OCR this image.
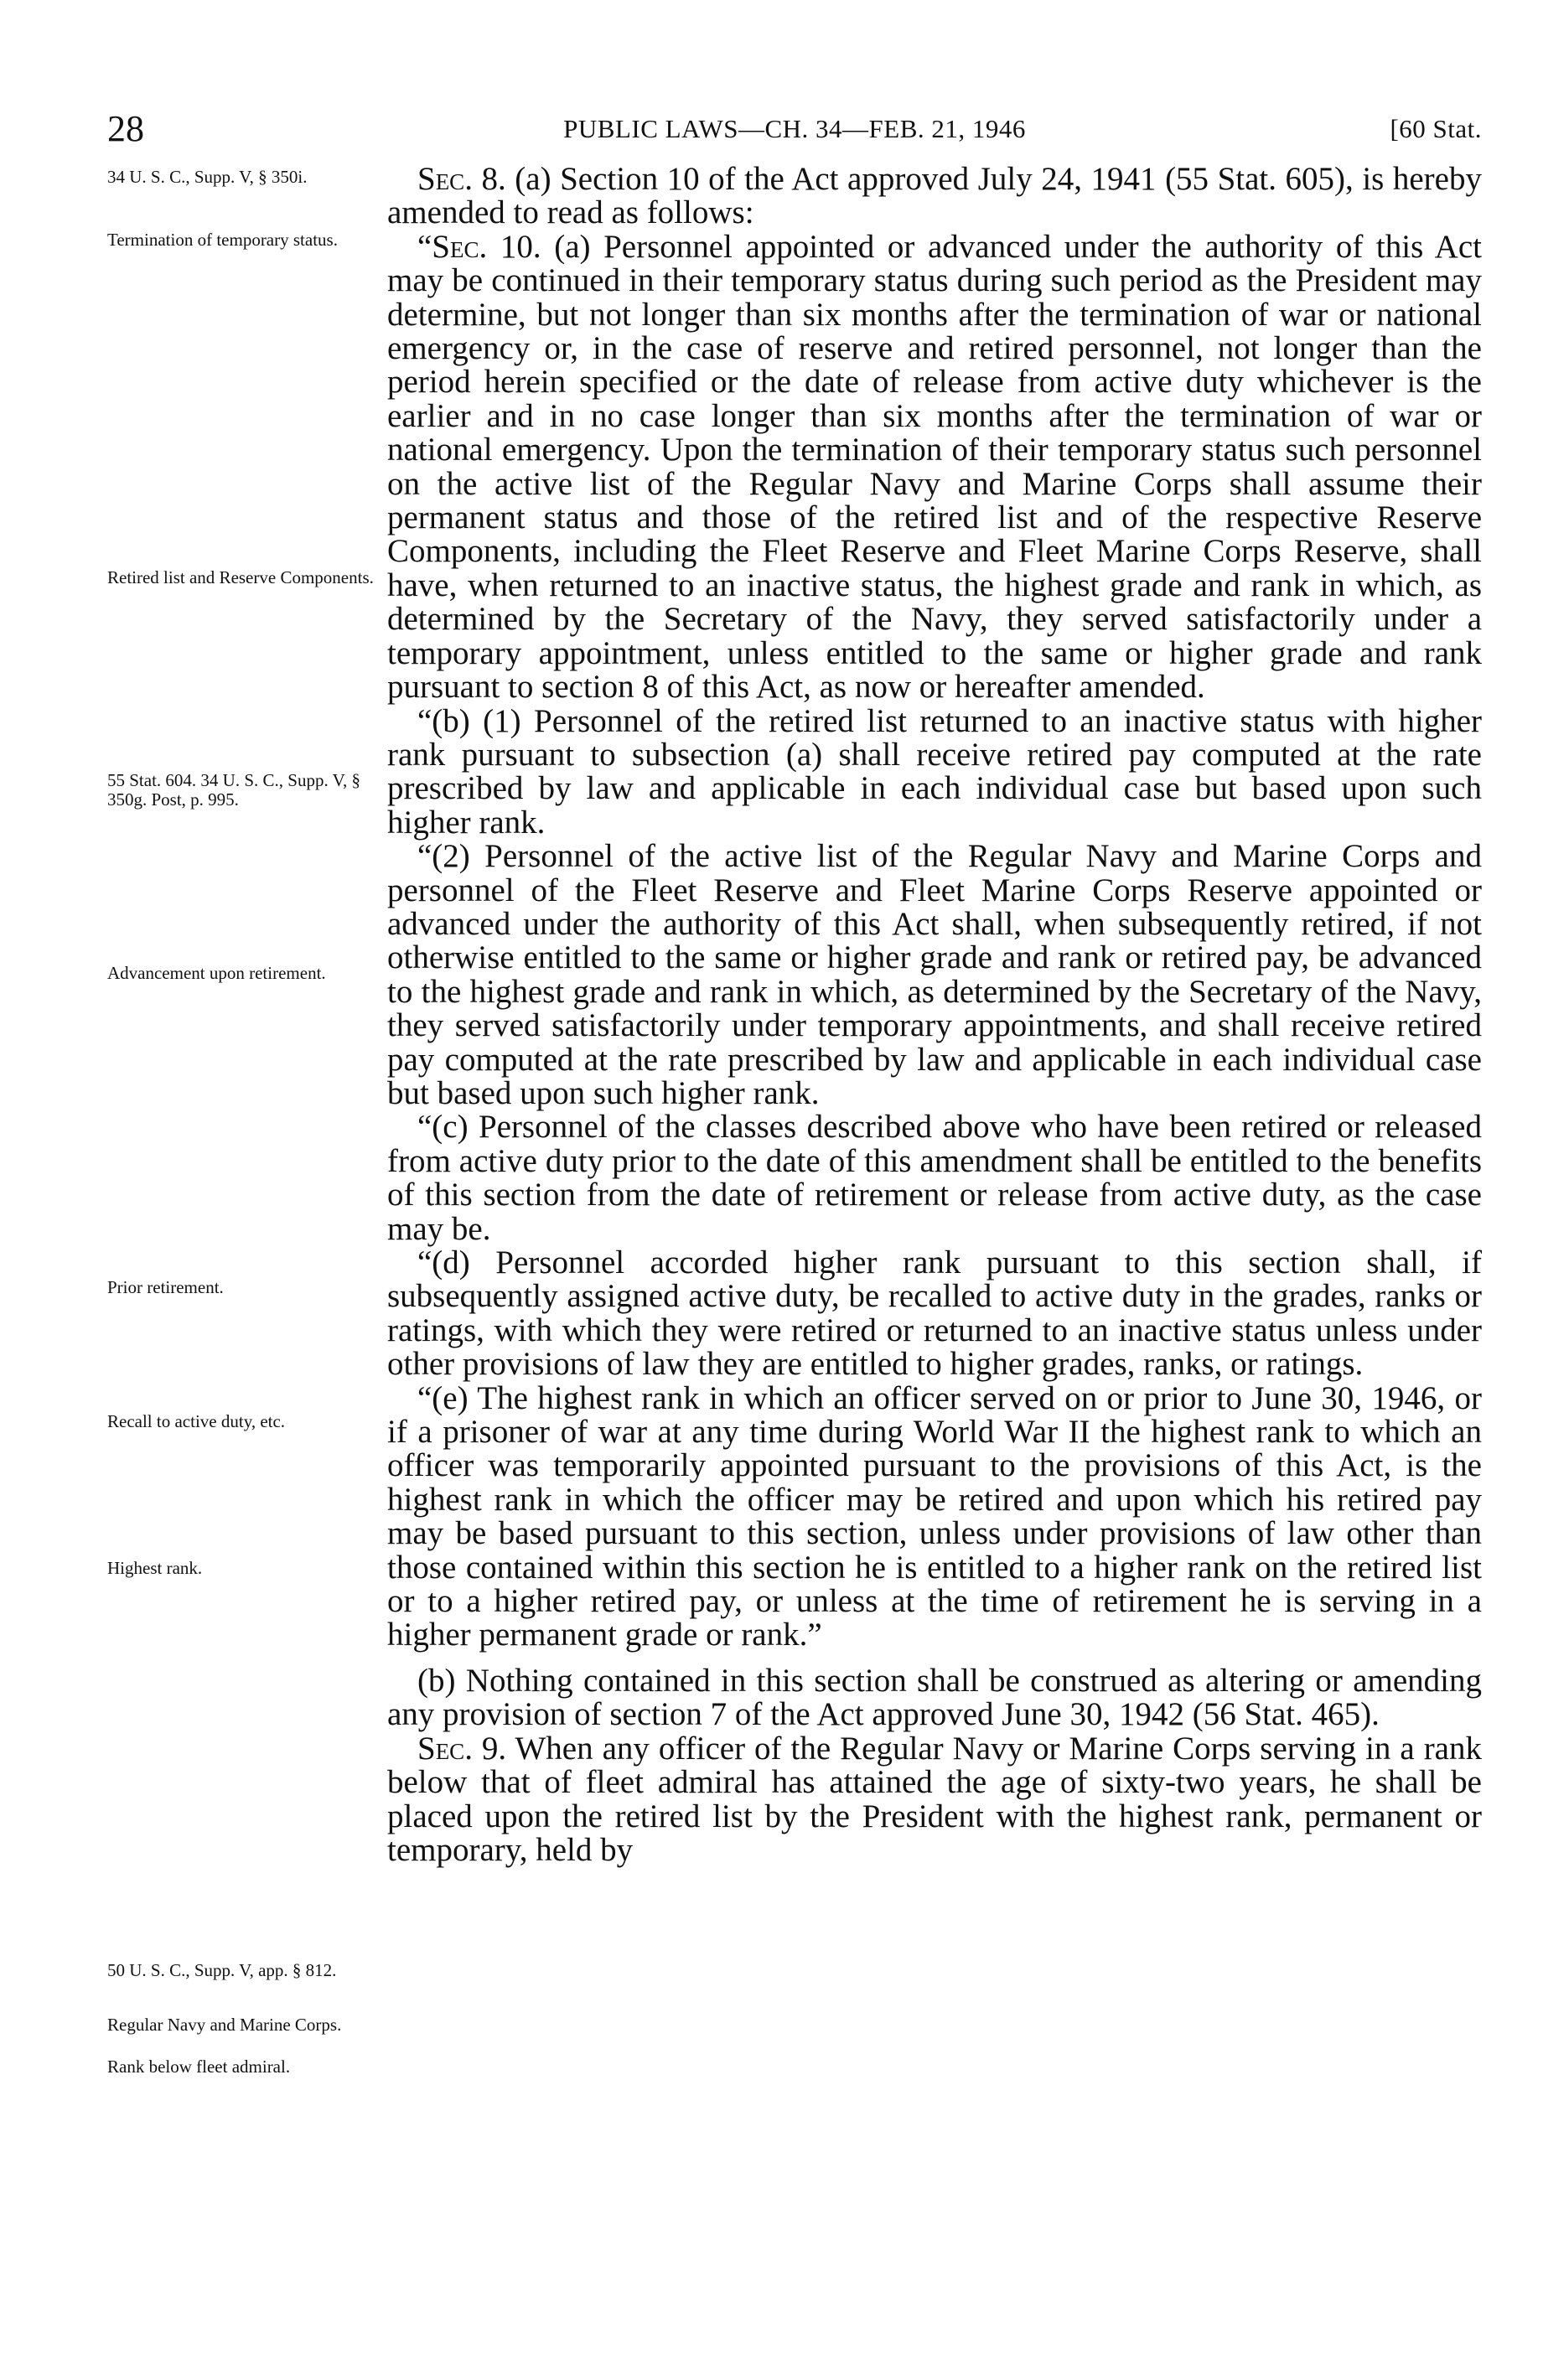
28	PUBLIC LAWS—CH. 34—FEB. 21, 1946	[60 Stat.
34 U. S. C., Supp. V, § 350i.
Termination of temporary status.
Retired list and Reserve Components.
55 Stat. 604. 34 U. S. C., Supp. V, § 350g. Post, p. 995.
Advancement upon retirement.
Prior retirement.
Recall to active duty, etc.
Highest rank.
50 U. S. C., Supp. V, app. § 812.
Regular Navy and Marine Corps.
Rank below fleet admiral.

Sec. 8. (a) Section 10 of the Act approved July 24, 1941 (55 Stat. 605), is hereby amended to read as follows:

“Sec. 10. (a) Personnel appointed or advanced under the authority of this Act may be continued in their temporary status during such period as the President may determine, but not longer than six months after the termination of war or national emergency or, in the case of reserve and retired personnel, not longer than the period herein specified or the date of release from active duty whichever is the earlier and in no case longer than six months after the termination of war or national emergency. Upon the termination of their temporary status such personnel on the active list of the Regular Navy and Marine Corps shall assume their permanent status and those of the retired list and of the respective Reserve Components, including the Fleet Reserve and Fleet Marine Corps Reserve, shall have, when returned to an inactive status, the highest grade and rank in which, as determined by the Secretary of the Navy, they served satisfactorily under a temporary appointment, unless entitled to the same or higher grade and rank pursuant to section 8 of this Act, as now or hereafter amended.

“(b) (1) Personnel of the retired list returned to an inactive status with higher rank pursuant to subsection (a) shall receive retired pay computed at the rate prescribed by law and applicable in each individual case but based upon such higher rank.

“(2) Personnel of the active list of the Regular Navy and Marine Corps and personnel of the Fleet Reserve and Fleet Marine Corps Reserve appointed or advanced under the authority of this Act shall, when subsequently retired, if not otherwise entitled to the same or higher grade and rank or retired pay, be advanced to the highest grade and rank in which, as determined by the Secretary of the Navy, they served satisfactorily under temporary appointments, and shall receive retired pay computed at the rate prescribed by law and applicable in each individual case but based upon such higher rank.

“(c) Personnel of the classes described above who have been retired or released from active duty prior to the date of this amendment shall be entitled to the benefits of this section from the date of retirement or release from active duty, as the case may be.

“(d) Personnel accorded higher rank pursuant to this section shall, if subsequently assigned active duty, be recalled to active duty in the grades, ranks or ratings, with which they were retired or returned to an inactive status unless under other provisions of law they are entitled to higher grades, ranks, or ratings.

“(e) The highest rank in which an officer served on or prior to June 30, 1946, or if a prisoner of war at any time during World War II the highest rank to which an officer was temporarily appointed pursuant to the provisions of this Act, is the highest rank in which the officer may be retired and upon which his retired pay may be based pursuant to this section, unless under provisions of law other than those contained within this section he is entitled to a higher rank on the retired list or to a higher retired pay, or unless at the time of retirement he is serving in a higher permanent grade or rank.”

(b) Nothing contained in this section shall be construed as altering or amending any provision of section 7 of the Act approved June 30, 1942 (56 Stat. 465).

Sec. 9. When any officer of the Regular Navy or Marine Corps serving in a rank below that of fleet admiral has attained the age of sixty-two years, he shall be placed upon the retired list by the President with the highest rank, permanent or temporary, held by
